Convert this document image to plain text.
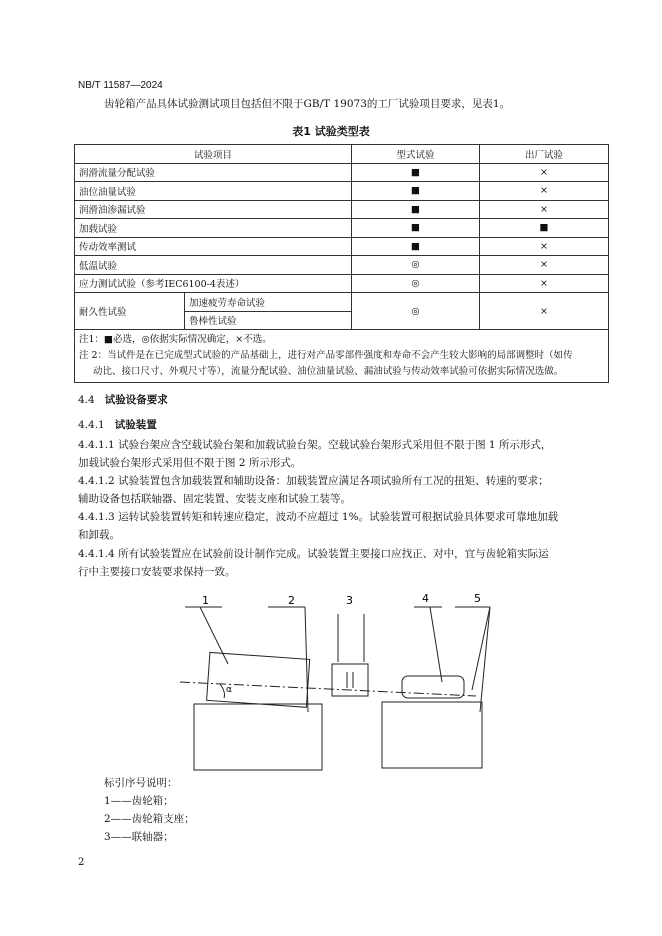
NB/T 11587—2024
齿轮箱产品具体试验测试项目包括但不限于GB/T 19073的工厂试验项目要求，见表1。
表1 试验类型表
试验项目		型式试验	出厂试验
润滑流量分配试验		■	×
油位油量试验		■	×
润滑油渗漏试验		■	×
加载试验		■	■
传动效率测试		■	×
低温试验		◎	×
应力测试试验（参考IEC6100-4表述）		◎	×
耐久性试验	加速疲劳寿命试验	◎	×
	鲁棒性试验		

注1：■必选，◎依据实际情况确定，×不选。
注 2：当试件是在已完成型式试验的产品基础上，进行对产品零部件强度和寿命不会产生较大影响的局部调整时（如传
动比、接口尺寸、外观尺寸等），流量分配试验、油位油量试验、漏油试验与传动效率试验可依据实际情况选做。			
4.4 试验设备要求
4.4.1 试验装置
4.4.1.1 试验台架应含空载试验台架和加载试验台架。空载试验台架形式采用但不限于图 1 所示形式，
加载试验台架形式采用但不限于图 2 所示形式。
4.4.1.2 试验装置包含加载装置和辅助设备：加载装置应满足各项试验所有工况的扭矩、转速的要求；
辅助设备包括联轴器、固定装置、安装支座和试验工装等。
4.4.1.3 运转试验装置转矩和转速应稳定，波动不应超过 1%。试验装置可根据试验具体要求可靠地加载
和卸载。
4.4.1.4 所有试验装置应在试验前设计制作完成。试验装置主要接口应找正、对中，宜与齿轮箱实际运
行中主要接口安装要求保持一致。
1	2	3	4	5
α
标引序号说明：
1——齿轮箱；
2——齿轮箱支座；
3——联轴器；
2
